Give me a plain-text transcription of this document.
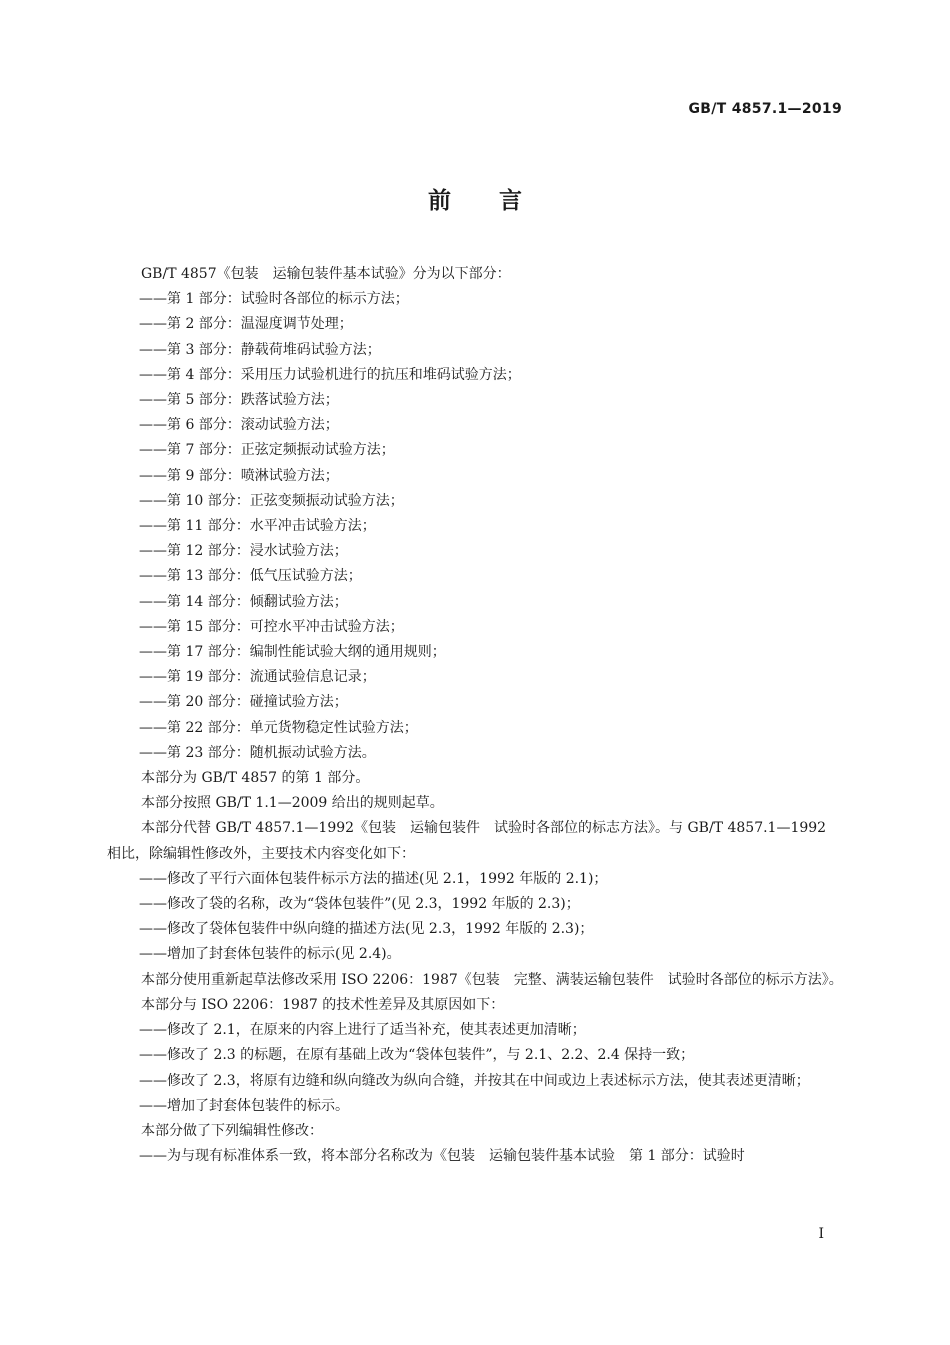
GB/T 4857.1—2019
前言

GB/T 4857《包装　运输包装件基本试验》分为以下部分：

——第 1 部分：试验时各部位的标示方法；

——第 2 部分：温湿度调节处理；

——第 3 部分：静载荷堆码试验方法；

——第 4 部分：采用压力试验机进行的抗压和堆码试验方法；

——第 5 部分：跌落试验方法；

——第 6 部分：滚动试验方法；

——第 7 部分：正弦定频振动试验方法；

——第 9 部分：喷淋试验方法；

——第 10 部分：正弦变频振动试验方法；

——第 11 部分：水平冲击试验方法；

——第 12 部分：浸水试验方法；

——第 13 部分：低气压试验方法；

——第 14 部分：倾翻试验方法；

——第 15 部分：可控水平冲击试验方法；

——第 17 部分：编制性能试验大纲的通用规则；

——第 19 部分：流通试验信息记录；

——第 20 部分：碰撞试验方法；

——第 22 部分：单元货物稳定性试验方法；

——第 23 部分：随机振动试验方法。

本部分为 GB/T 4857 的第 1 部分。

本部分按照 GB/T 1.1—2009 给出的规则起草。

本部分代替 GB/T 4857.1—1992《包装　运输包装件　试验时各部位的标志方法》。与 GB/T 4857.1—1992 相比，除编辑性修改外，主要技术内容变化如下：

——修改了平行六面体包装件标示方法的描述(见 2.1，1992 年版的 2.1)；

——修改了袋的名称，改为“袋体包装件”(见 2.3，1992 年版的 2.3)；

——修改了袋体包装件中纵向缝的描述方法(见 2.3，1992 年版的 2.3)；

——增加了封套体包装件的标示(见 2.4)。

本部分使用重新起草法修改采用 ISO 2206：1987《包装　完整、满装运输包装件　试验时各部位的标示方法》。

本部分与 ISO 2206：1987 的技术性差异及其原因如下：

——修改了 2.1，在原来的内容上进行了适当补充，使其表述更加清晰；

——修改了 2.3 的标题，在原有基础上改为“袋体包装件”，与 2.1、2.2、2.4 保持一致；

——修改了 2.3，将原有边缝和纵向缝改为纵向合缝，并按其在中间或边上表述标示方法，使其表述更清晰；

——增加了封套体包装件的标示。

本部分做了下列编辑性修改：

——为与现有标准体系一致，将本部分名称改为《包装　运输包装件基本试验　第 1 部分：试验时

I
